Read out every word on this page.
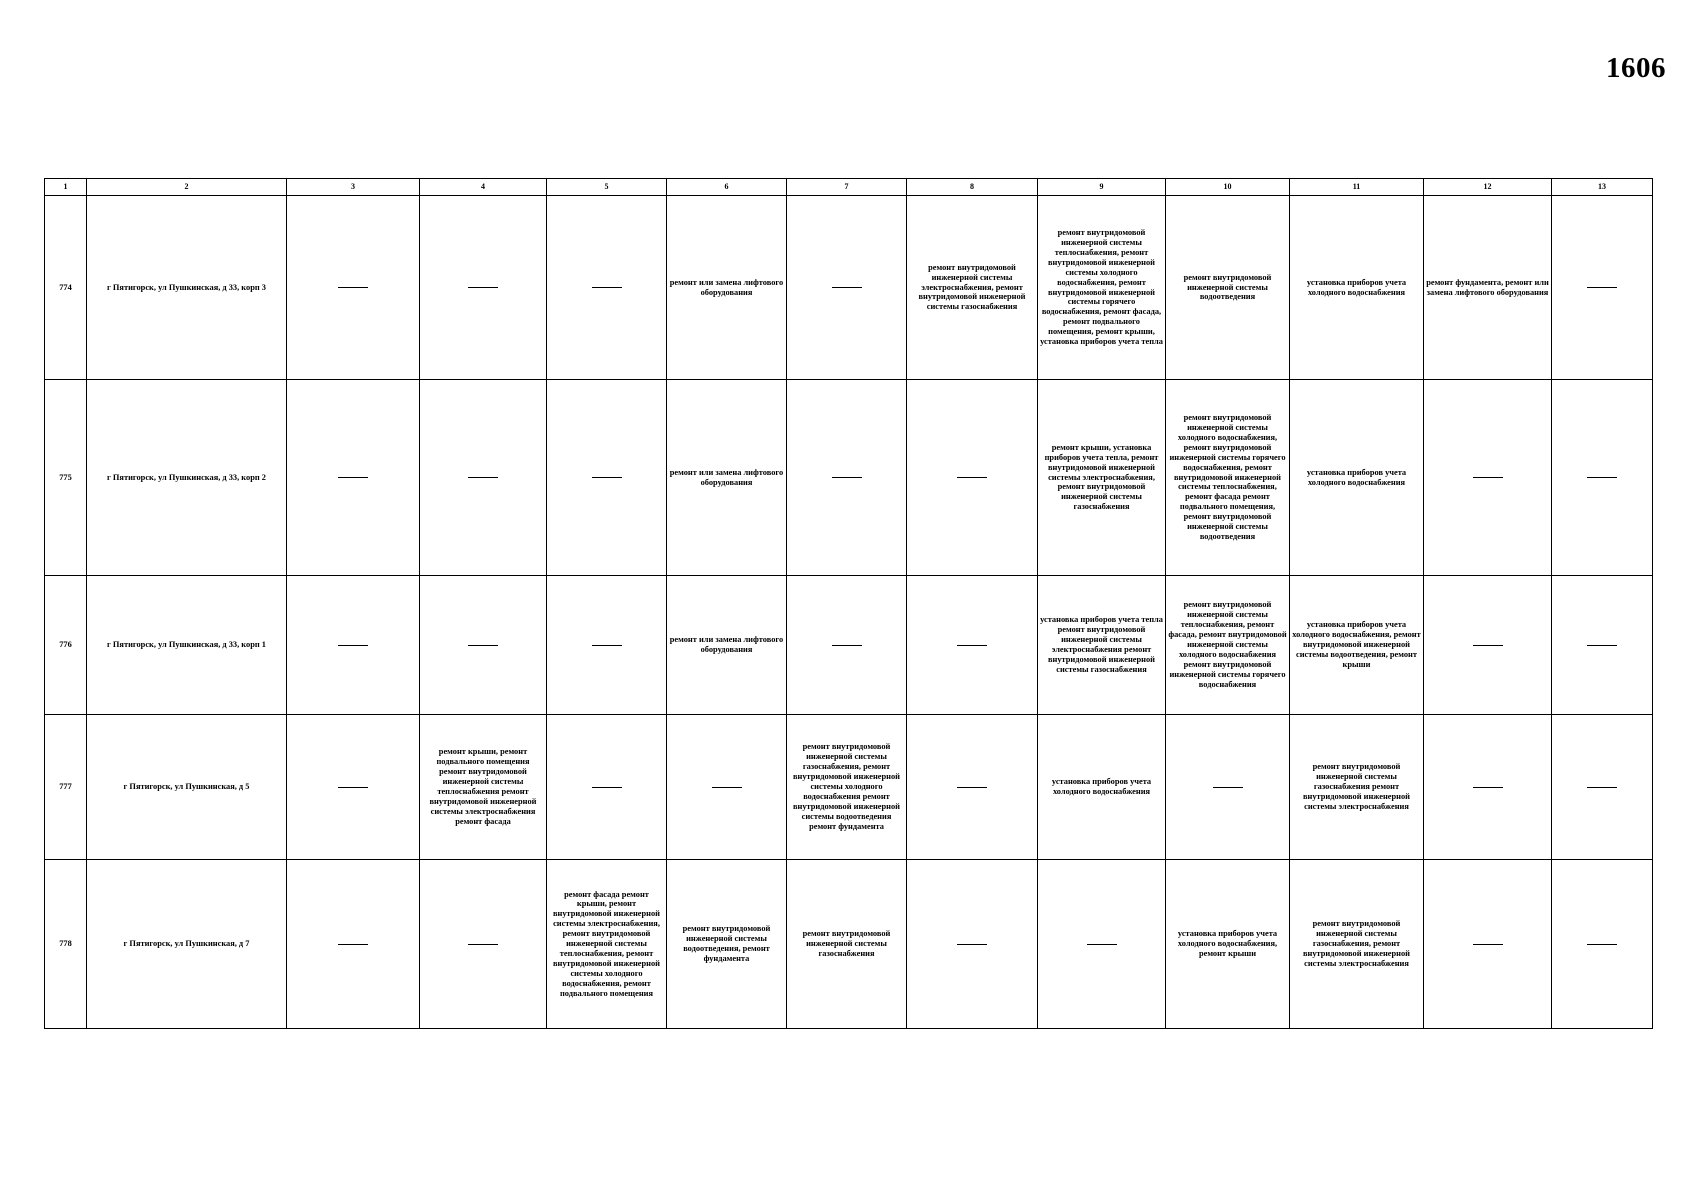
1606
1	2	3	4	5	6	7	8	9	10	11	12	13
774	г Пятигорск, ул Пушкинская, д 33, корп 3				ремонт или замена лифтового оборудования		ремонт внутридомовой инженерной системы электроснабжения, ремонт внутридомовой инженерной системы газоснабжения	ремонт внутридомовой инженерной системы теплоснабжения, ремонт внутридомовой инженерной системы холодного водоснабжения, ремонт внутридомовой инженерной системы горячего водоснабжения, ремонт фасада, ремонт подвального помещения, ремонт крыши, установка приборов учета тепла	ремонт внутридомовой инженерной системы водоотведения	установка приборов учета холодного водоснабжения	ремонт фундамента, ремонт или замена лифтового оборудования	
775	г Пятигорск, ул Пушкинская, д 33, корп 2				ремонт или замена лифтового оборудования			ремонт крыши, установка приборов учета тепла, ремонт внутридомовой инженерной системы электроснабжения, ремонт внутридомовой инженерной системы газоснабжения	ремонт внутридомовой инженерной системы холодного водоснабжения, ремонт внутридомовой инженерной системы горячего водоснабжения, ремонт внутридомовой инженерной системы теплоснабжения, ремонт фасада ремонт подвального помещения, ремонт внутридомовой инженерной системы водоотведения	установка приборов учета холодного водоснабжения		
776	г Пятигорск, ул Пушкинская, д 33, корп 1				ремонт или замена лифтового оборудования			установка приборов учета тепла ремонт внутридомовой инженерной системы электроснабжения ремонт внутридомовой инженерной системы газоснабжения	ремонт внутридомовой инженерной системы теплоснабжения, ремонт фасада, ремонт внутридомовой инженерной системы холодного водоснабжения ремонт внутридомовой инженерной системы горячего водоснабжения	установка приборов учета холодного водоснабжения, ремонт внутридомовой инженерной системы водоотведения, ремонт крыши		
777	г Пятигорск, ул Пушкинская, д 5		ремонт крыши, ремонт подвального помещения ремонт внутридомовой инженерной системы теплоснабжения ремонт внутридомовой инженерной системы электроснабжения ремонт фасада			ремонт внутридомовой инженерной системы газоснабжения, ремонт внутридомовой инженерной системы холодного водоснабжения ремонт внутридомовой инженерной системы водоотведения ремонт фундамента		установка приборов учета холодного водоснабжения		ремонт внутридомовой инженерной системы газоснабжения ремонт внутридомовой инженерной системы электроснабжения		
778	г Пятигорск, ул Пушкинская, д 7			ремонт фасада ремонт крыши, ремонт внутридомовой инженерной системы электроснабжения, ремонт внутридомовой инженерной системы теплоснабжения, ремонт внутридомовой инженерной системы холодного водоснабжения, ремонт подвального помещения	ремонт внутридомовой инженерной системы водоотведения, ремонт фундамента	ремонт внутридомовой инженерной системы газоснабжения			установка приборов учета холодного водоснабжения, ремонт крыши	ремонт внутридомовой инженерной системы газоснабжения, ремонт внутридомовой инженерной системы электроснабжения		
